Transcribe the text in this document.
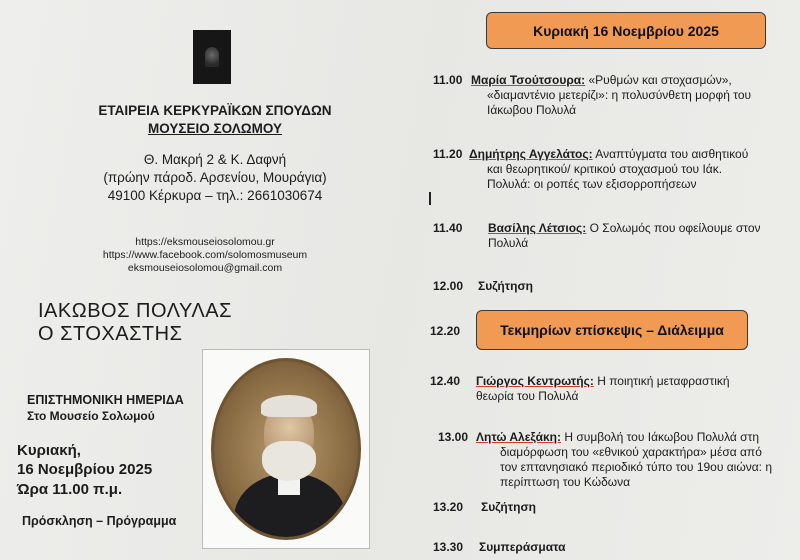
ΕΤΑΙΡΕΙΑ ΚΕΡΚΥΡΑΪΚΩΝ ΣΠΟΥΔΩΝ
ΜΟΥΣΕΙΟ ΣΟΛΩΜΟΥ
Θ. Μακρή 2 & Κ. Δαφνή
(πρώην πάροδ. Αρσενίου, Μουράγια)
49100 Κέρκυρα – τηλ.: 2661030674
https://eksmouseiosolomou.gr
https://www.facebook.com/solomosmuseum
eksmouseiosolomou@gmail.com
ΙΑΚΩΒΟΣ ΠΟΛΥΛΑΣ
Ο ΣΤΟΧΑΣΤΗΣ
ΕΠΙΣΤΗΜΟΝΙΚΗ ΗΜΕΡΙΔΑ
Στο Μουσείο Σολωμού
Κυριακή,
16 Νοεμβρίου 2025
Ώρα 11.00 π.μ.
Πρόσκληση – Πρόγραμμα
Κυριακή 16 Νοεμβρίου 2025
11.00 Μαρία Τσούτσουρα: «Ρυθμών και στοχασμών»,
«διαμαντένιο μετερίζι»: η πολυσύνθετη μορφή του
Ιάκωβου Πολυλά
11.20 Δημήτρης Αγγελάτος: Αναπτύγματα του αισθητικού
και θεωρητικού/ κριτικού στοχασμού του Ιάκ.
Πολυλά: οι ροπές των εξισορροπήσεων
11.40 Βασίλης Λέτσιος: Ο Σολωμός που οφείλουμε στον
Πολυλά
12.00 Συζήτηση
12.20	Τεκμηρίων επίσκεψις – Διάλειμμα
12.40 Γιώργος Κεντρωτής: Η ποιητική μεταφραστική
θεωρία του Πολυλά
13.00 Λητώ Αλεξάκη: Η συμβολή του Ιάκωβου Πολυλά στη
διαμόρφωση του «εθνικού χαρακτήρα» μέσα από
τον επτανησιακό περιοδικό τύπο του 19ου αιώνα: η
περίπτωση του Κώδωνα
13.20 Συζήτηση
13.30 Συμπεράσματα
